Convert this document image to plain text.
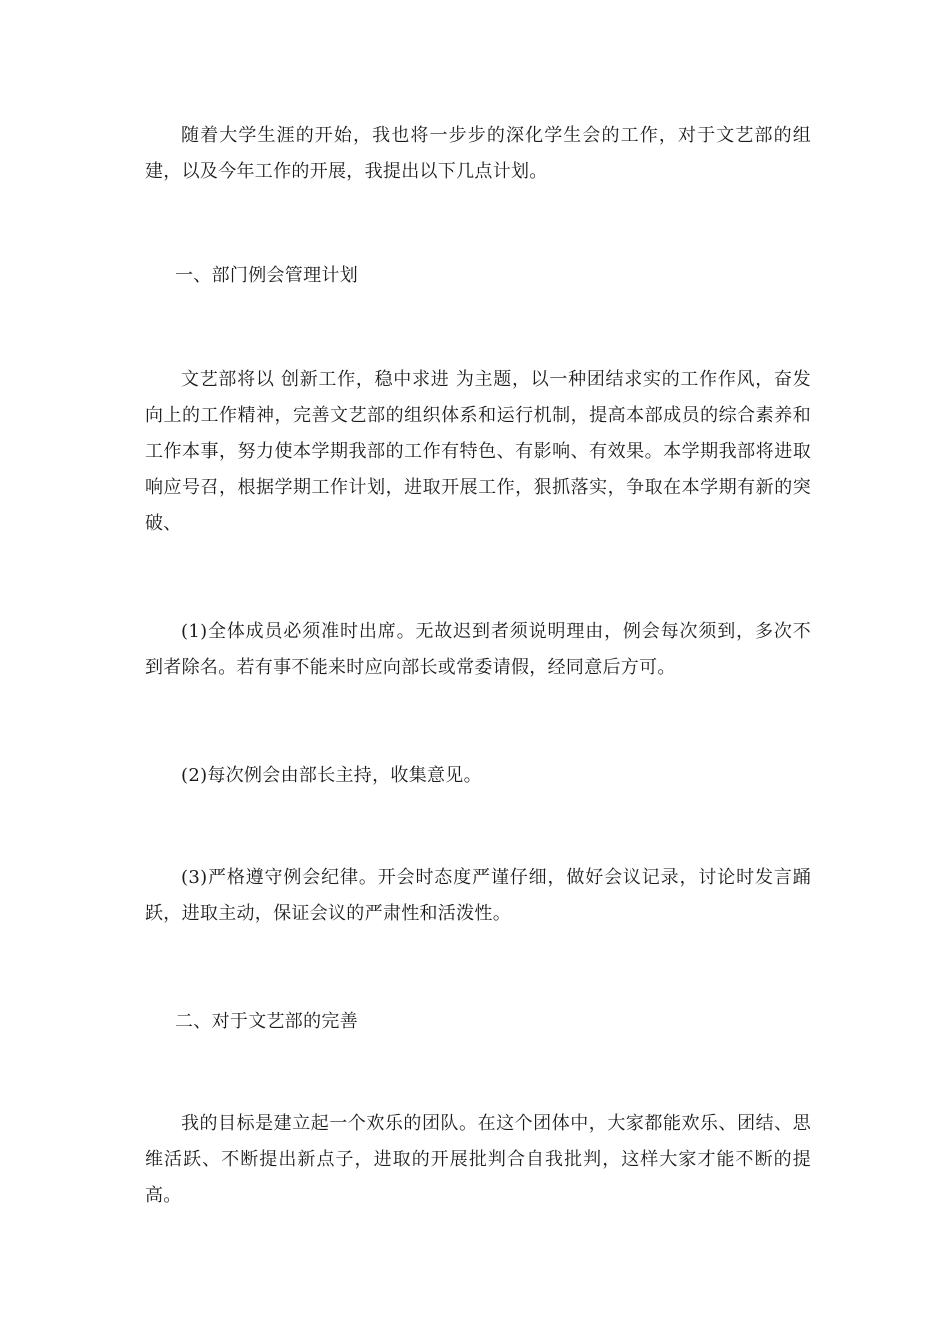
随着大学生涯的开始，我也将一步步的深化学生会的工作，对于文艺部的组建，以及今年工作的开展，我提出以下几点计划。

一、部门例会管理计划

文艺部将以 创新工作，稳中求进 为主题，以一种团结求实的工作作风，奋发向上的工作精神，完善文艺部的组织体系和运行机制，提高本部成员的综合素养和工作本事，努力使本学期我部的工作有特色、有影响、有效果。本学期我部将进取响应号召，根据学期工作计划，进取开展工作，狠抓落实，争取在本学期有新的突破、

(1)全体成员必须准时出席。无故迟到者须说明理由，例会每次须到，多次不到者除名。若有事不能来时应向部长或常委请假，经同意后方可。

(2)每次例会由部长主持，收集意见。

(3)严格遵守例会纪律。开会时态度严谨仔细，做好会议记录，讨论时发言踊跃，进取主动，保证会议的严肃性和活泼性。

二、对于文艺部的完善

我的目标是建立起一个欢乐的团队。在这个团体中，大家都能欢乐、团结、思维活跃、不断提出新点子，进取的开展批判合自我批判，这样大家才能不断的提高。
